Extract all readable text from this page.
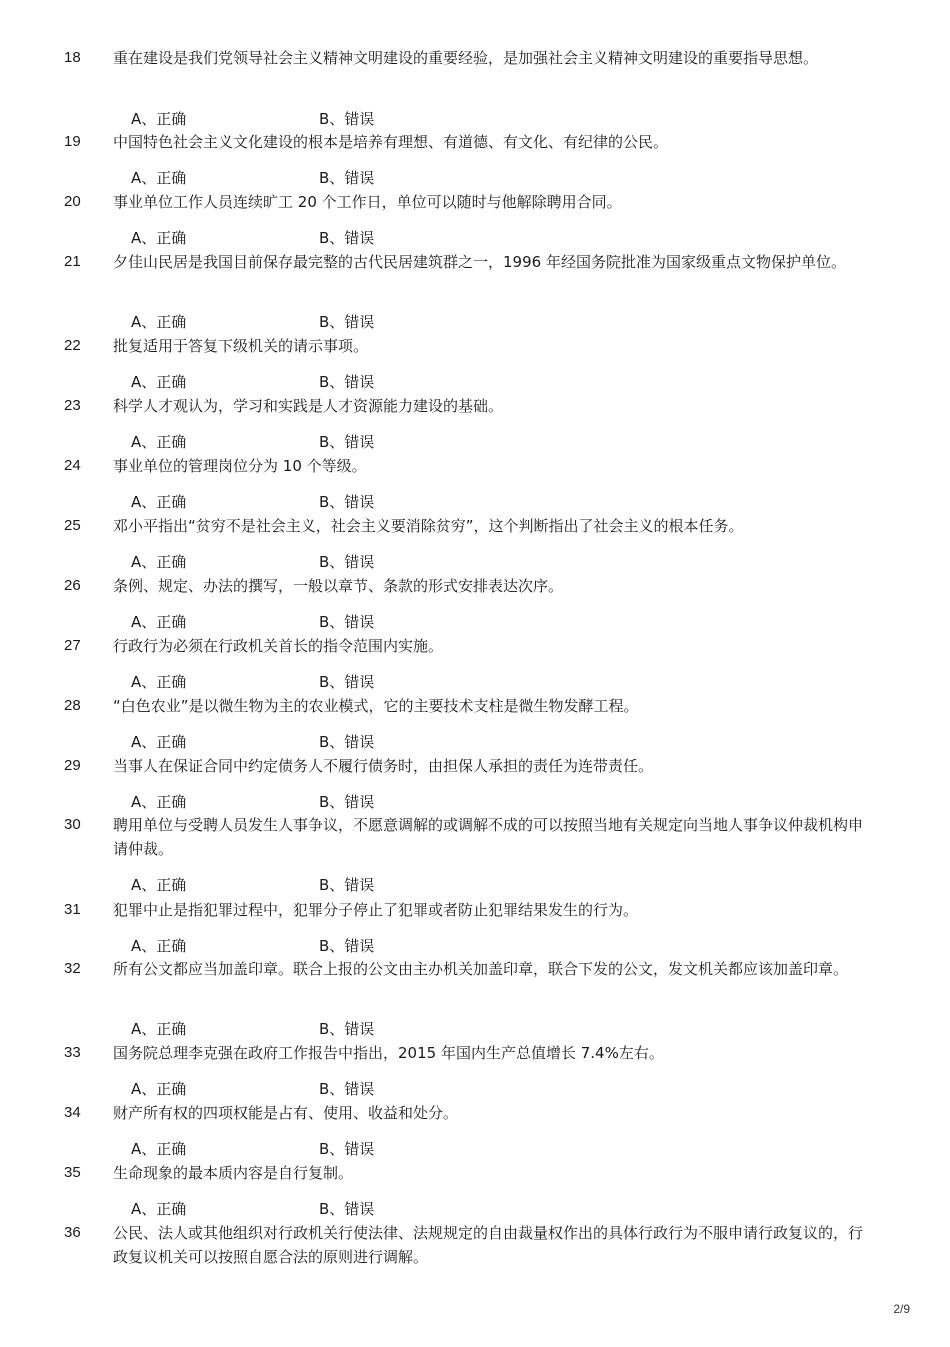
18 重在建设是我们党领导社会主义精神文明建设的重要经验，是加强社会主义精神文明建设的重要指导思想。
A、正确	B、错误
19 中国特色社会主义文化建设的根本是培养有理想、有道德、有文化、有纪律的公民。
A、正确	B、错误
20 事业单位工作人员连续旷工 20 个工作日，单位可以随时与他解除聘用合同。
A、正确	B、错误
21 夕佳山民居是我国目前保存最完整的古代民居建筑群之一，1996 年经国务院批准为国家级重点文物保护单位。
A、正确	B、错误
22 批复适用于答复下级机关的请示事项。
A、正确	B、错误
23 科学人才观认为，学习和实践是人才资源能力建设的基础。
A、正确	B、错误
24 事业单位的管理岗位分为 10 个等级。
A、正确	B、错误
25 邓小平指出“贫穷不是社会主义，社会主义要消除贫穷”，这个判断指出了社会主义的根本任务。
A、正确	B、错误
26 条例、规定、办法的撰写，一般以章节、条款的形式安排表达次序。
A、正确	B、错误
27 行政行为必须在行政机关首长的指令范围内实施。
A、正确	B、错误
28 “白色农业”是以微生物为主的农业模式，它的主要技术支柱是微生物发酵工程。
A、正确	B、错误
29 当事人在保证合同中约定债务人不履行债务时，由担保人承担的责任为连带责任。
A、正确	B、错误
30 聘用单位与受聘人员发生人事争议，不愿意调解的或调解不成的可以按照当地有关规定向当地人事争议仲裁机构申请仲裁。
A、正确	B、错误
31 犯罪中止是指犯罪过程中，犯罪分子停止了犯罪或者防止犯罪结果发生的行为。
A、正确	B、错误
32 所有公文都应当加盖印章。联合上报的公文由主办机关加盖印章，联合下发的公文，发文机关都应该加盖印章。
A、正确	B、错误
33 国务院总理李克强在政府工作报告中指出，2015 年国内生产总值增长 7.4%左右。
A、正确	B、错误
34 财产所有权的四项权能是占有、使用、收益和处分。
A、正确	B、错误
35 生命现象的最本质内容是自行复制。
A、正确	B、错误
36 公民、法人或其他组织对行政机关行使法律、法规规定的自由裁量权作出的具体行政行为不服申请行政复议的，行政复议机关可以按照自愿合法的原则进行调解。
2/9
